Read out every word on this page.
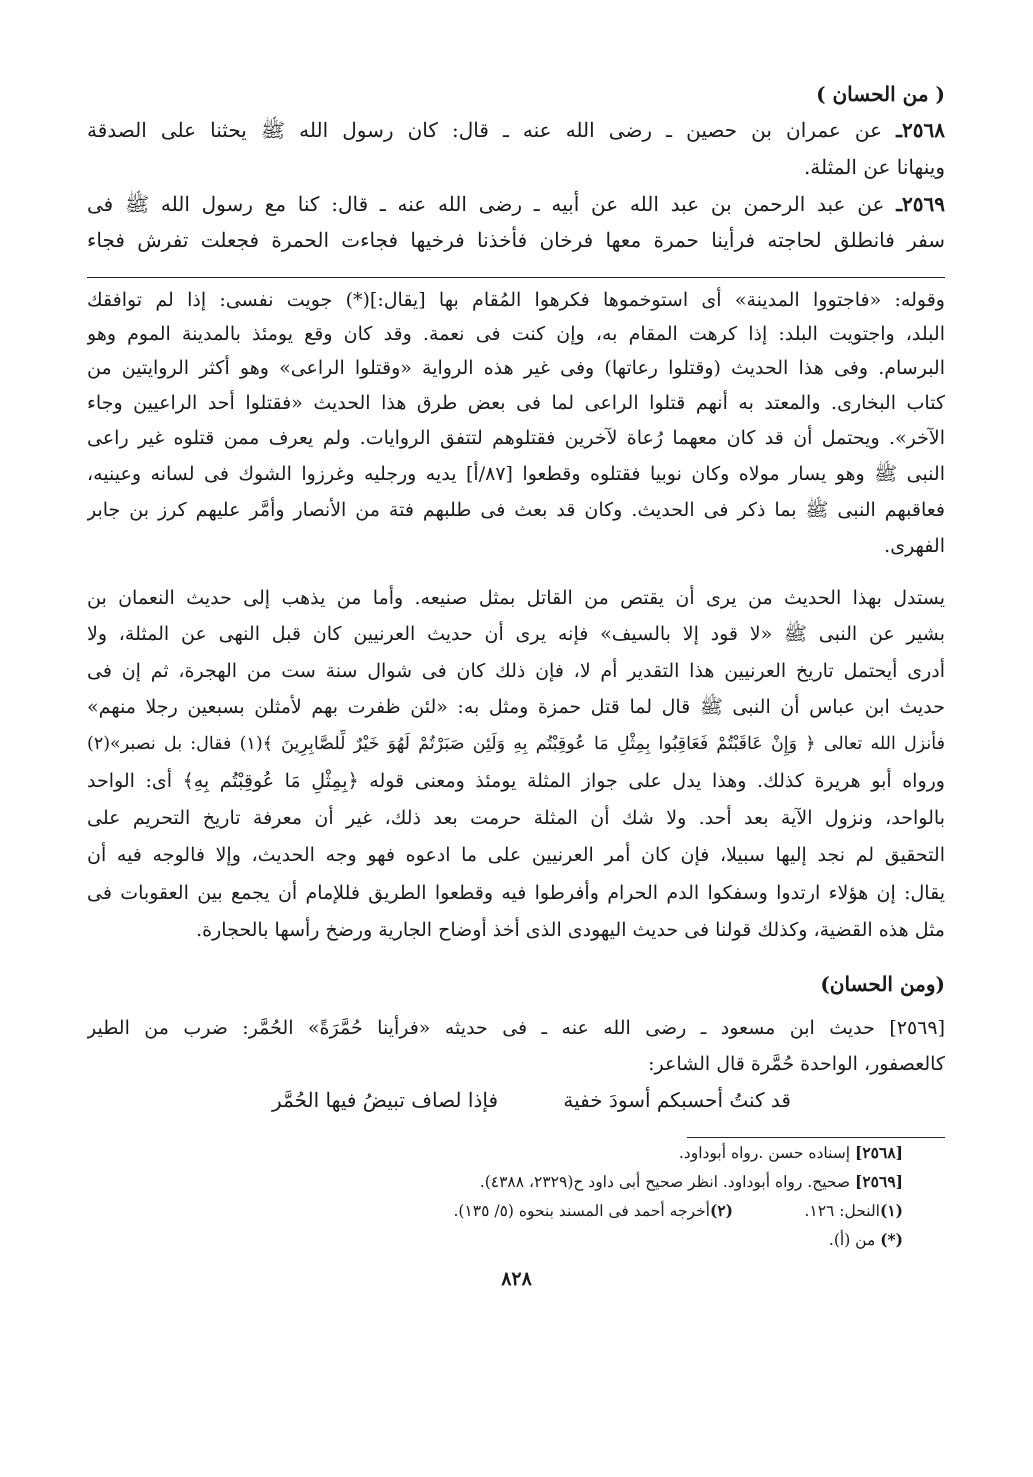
( من الحسان )
٢٥٦٨ـ عن عمران بن حصين ـ رضى الله عنه ـ قال: كان رسول الله ﷺ يحثنا على الصدقة
وينهانا عن المثلة.
٢٥٦٩ـ عن عبد الرحمن بن عبد الله عن أبيه ـ رضى الله عنه ـ قال: كنا مع رسول الله ﷺ فى
سفر فانطلق لحاجته فرأينا حمرة معها فرخان فأخذنا فرخيها فجاءت الحمرة فجعلت تفرش فجاء
وقوله: «فاجتووا المدينة» أى استوخموها فكرهوا المُقام بها [يقال:](*) جويت نفسى: إذا لم توافقك
البلد، واجتويت البلد: إذا كرهت المقام به، وإن كنت فى نعمة. وقد كان وقع يومئذ بالمدينة الموم وهو
البرسام. وفى هذا الحديث (وقتلوا رعاتها) وفى غير هذه الرواية «وقتلوا الراعى» وهو أكثر الروايتين من
كتاب البخارى. والمعتد به أنهم قتلوا الراعى لما فى بعض طرق هذا الحديث «فقتلوا أحد الراعيين وجاء
الآخر». ويحتمل أن قد كان معهما رُعاة لآخرين فقتلوهم لتتفق الروايات. ولم يعرف ممن قتلوه غير راعى
النبى ﷺ وهو يسار مولاه وكان نوبيا فقتلوه وقطعوا [٨٧/أ] يديه ورجليه وغرزوا الشوك فى لسانه وعينيه،
فعاقبهم النبى ﷺ بما ذكر فى الحديث. وكان قد بعث فى طلبهم فتة من الأنصار وأمَّر عليهم كرز بن جابر
الفهرى.
يستدل بهذا الحديث من يرى أن يقتص من القاتل بمثل صنيعه. وأما من يذهب إلى حديث النعمان بن
بشير عن النبى ﷺ «لا قود إلا بالسيف» فإنه يرى أن حديث العرنيين كان قبل النهى عن المثلة، ولا
أدرى أيحتمل تاريخ العرنيين هذا التقدير أم لا، فإن ذلك كان فى شوال سنة ست من الهجرة، ثم إن فى
حديث ابن عباس أن النبى ﷺ قال لما قتل حمزة ومثل به: «لئن ظفرت بهم لأمثلن بسبعين رجلا منهم»
فأنزل الله تعالى ﴿ وَإِنْ عَاقَبْتُمْ فَعَاقِبُوا بِمِثْلِ مَا عُوقِبْتُم بِهِ وَلَئِن صَبَرْتُمْ لَهُوَ خَيْرٌ لِّلصَّابِرِينَ ﴾(١) فقال: بل نصبر»(٢)
ورواه أبو هريرة كذلك. وهذا يدل على جواز المثلة يومئذ ومعنى قوله ﴿بِمِثْلِ مَا عُوقِبْتُم بِهِ﴾ أى: الواحد
بالواحد، ونزول الآية بعد أحد. ولا شك أن المثلة حرمت بعد ذلك، غير أن معرفة تاريخ التحريم على
التحقيق لم نجد إليها سبيلا، فإن كان أمر العرنيين على ما ادعوه فهو وجه الحديث، وإلا فالوجه فيه أن
يقال: إن هؤلاء ارتدوا وسفكوا الدم الحرام وأفرطوا فيه وقطعوا الطريق فللإمام أن يجمع بين العقوبات فى
مثل هذه القضية، وكذلك قولنا فى حديث اليهودى الذى أخذ أوضاح الجارية ورضخ رأسها بالحجارة.
(ومن الحسان)
[٢٥٦٩] حديث ابن مسعود ـ رضى الله عنه ـ فى حديثه «فرأينا حُمَّرَةً» الحُمَّر: ضرب من الطير
كالعصفور، الواحدة حُمَّرة قال الشاعر:
قد كنتُ أحسبكم أسودَ خفية
فإذا لصاف تبيضُ فيها الحُمَّر
[٢٥٦٨] إسناده حسن .رواه أبوداود.
[٢٥٦٩] صحيح. رواه أبوداود. انظر صحيح أبى داود ح(٢٣٢٩، ٤٣٨٨).
(١)النحل: ١٢٦.
(٢)أخرجه أحمد فى المسند بنحوه (٥/ ١٣٥).
(*) من (أ).
٨٢٨
